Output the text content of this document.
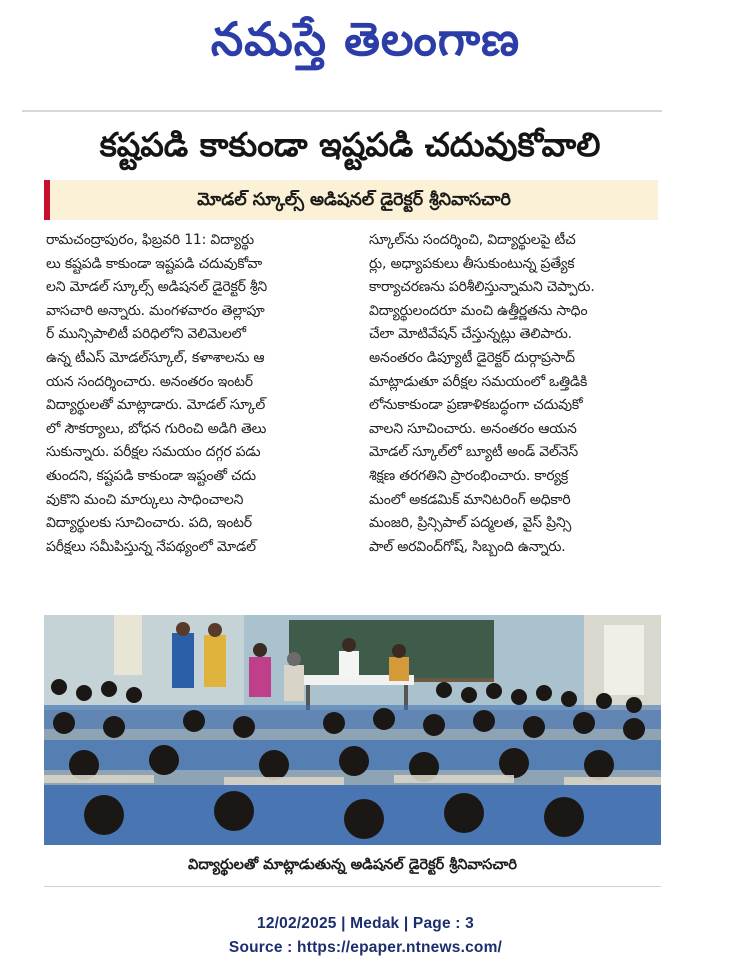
నమస్తే తెలంగాణ
కష్టపడి కాకుండా ఇష్టపడి చదువుకోవాలి
మోడల్ స్కూల్స్ అడిషనల్ డైరెక్టర్ శ్రీనివాసచారి
రామచంద్రాపురం, ఫిబ్రవరి 11: విద్యార్థు
లు కష్టపడి కాకుండా ఇష్టపడి చదువుకోవా
లని మోడల్ స్కూల్స్ అడిషనల్ డైరెక్టర్ శ్రీని
వాసచారి అన్నారు. మంగళవారం తెల్లాపూ
ర్ మున్సిపాలిటీ పరిధిలోని వెలిమెలలో
ఉన్న టీఎస్ మోడల్‌స్కూల్, కళాశాలను ఆ
యన సందర్శించారు. అనంతరం ఇంటర్
విద్యార్థులతో మాట్లాడారు. మోడల్ స్కూల్
లో సౌకర్యాలు, బోధన గురించి అడిగి తెలు
సుకున్నారు. పరీక్షల సమయం దగ్గర పడు
తుందని, కష్టపడి కాకుండా ఇష్టంతో చదు
వుకొని మంచి మార్కులు సాధించాలని
విద్యార్థులకు సూచించారు. పది, ఇంటర్
పరీక్షలు సమీపిస్తున్న నేపథ్యంలో మోడల్
స్కూల్‌ను సందర్శించి, విద్యార్థులపై టీచ
ర్లు, అధ్యాపకులు తీసుకుంటున్న ప్రత్యేక
కార్యాచరణను పరిశీలిస్తున్నామని చెప్పారు.
విద్యార్థులందరూ మంచి ఉత్తీర్ణతను సాధిం
చేలా మోటివేషన్ చేస్తున్నట్లు తెలిపారు.
అనంతరం డిప్యూటీ డైరెక్టర్ దుర్గాప్రసాద్
మాట్లాడుతూ పరీక్షల సమయంలో ఒత్తిడికి
లోనుకాకుండా ప్రణాళికబద్ధంగా చదువుకో
వాలని సూచించారు. అనంతరం ఆయన
మోడల్ స్కూల్‌లో బ్యూటీ అండ్ వెల్‌నెస్
శిక్షణ తరగతిని ప్రారంభించారు. కార్యక్ర
మంలో అకడమిక్ మానిటరింగ్ అధికారి
మంజరి, ప్రిన్సిపాల్ పద్మలత, వైస్ ప్రిన్సి
పాల్ అరవింద్‌గోష్, సిబ్బంది ఉన్నారు.
విద్యార్థులతో మాట్లాడుతున్న అడిషనల్ డైరెక్టర్ శ్రీనివాసచారి
12/02/2025 | Medak | Page : 3
Source : https://epaper.ntnews.com/
